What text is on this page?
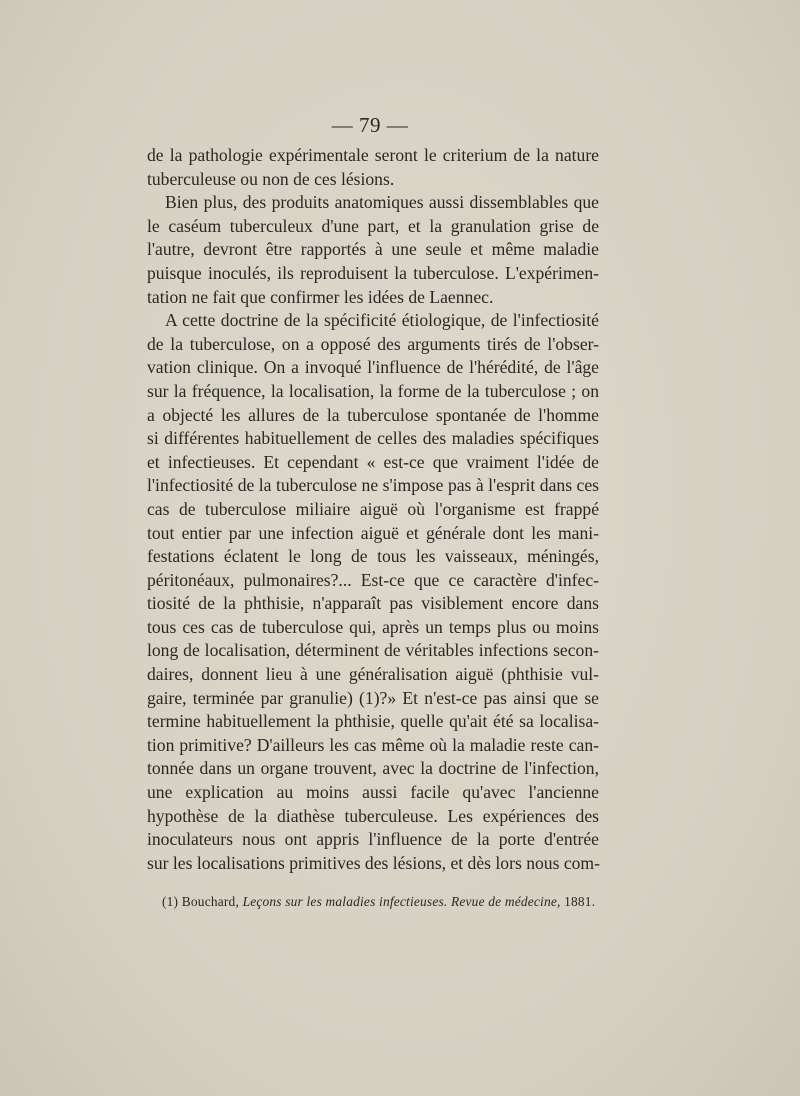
— 79 —
de la pathologie expérimentale seront le criterium de la nature
tuberculeuse ou non de ces lésions.
Bien plus, des produits anatomiques aussi dissemblables que
le caséum tuberculeux d'une part, et la granulation grise de
l'autre, devront être rapportés à une seule et même maladie
puisque inoculés, ils reproduisent la tuberculose. L'expérimen-
tation ne fait que confirmer les idées de Laennec.
A cette doctrine de la spécificité étiologique, de l'infectiosité
de la tuberculose, on a opposé des arguments tirés de l'obser-
vation clinique. On a invoqué l'influence de l'hérédité, de l'âge
sur la fréquence, la localisation, la forme de la tuberculose ; on
a objecté les allures de la tuberculose spontanée de l'homme
si différentes habituellement de celles des maladies spécifiques
et infectieuses. Et cependant « est-ce que vraiment l'idée de
l'infectiosité de la tuberculose ne s'impose pas à l'esprit dans ces
cas de tuberculose miliaire aiguë où l'organisme est frappé
tout entier par une infection aiguë et générale dont les mani-
festations éclatent le long de tous les vaisseaux, méningés,
péritonéaux, pulmonaires?... Est-ce que ce caractère d'infec-
tiosité de la phthisie, n'apparaît pas visiblement encore dans
tous ces cas de tuberculose qui, après un temps plus ou moins
long de localisation, déterminent de véritables infections secon-
daires, donnent lieu à une généralisation aiguë (phthisie vul-
gaire, terminée par granulie) (1)?» Et n'est-ce pas ainsi que se
termine habituellement la phthisie, quelle qu'ait été sa localisa-
tion primitive? D'ailleurs les cas même où la maladie reste can-
tonnée dans un organe trouvent, avec la doctrine de l'infection,
une explication au moins aussi facile qu'avec l'ancienne
hypothèse de la diathèse tuberculeuse. Les expériences des
inoculateurs nous ont appris l'influence de la porte d'entrée
sur les localisations primitives des lésions, et dès lors nous com-
(1) Bouchard, Leçons sur les maladies infectieuses. Revue de médecine, 1881.
